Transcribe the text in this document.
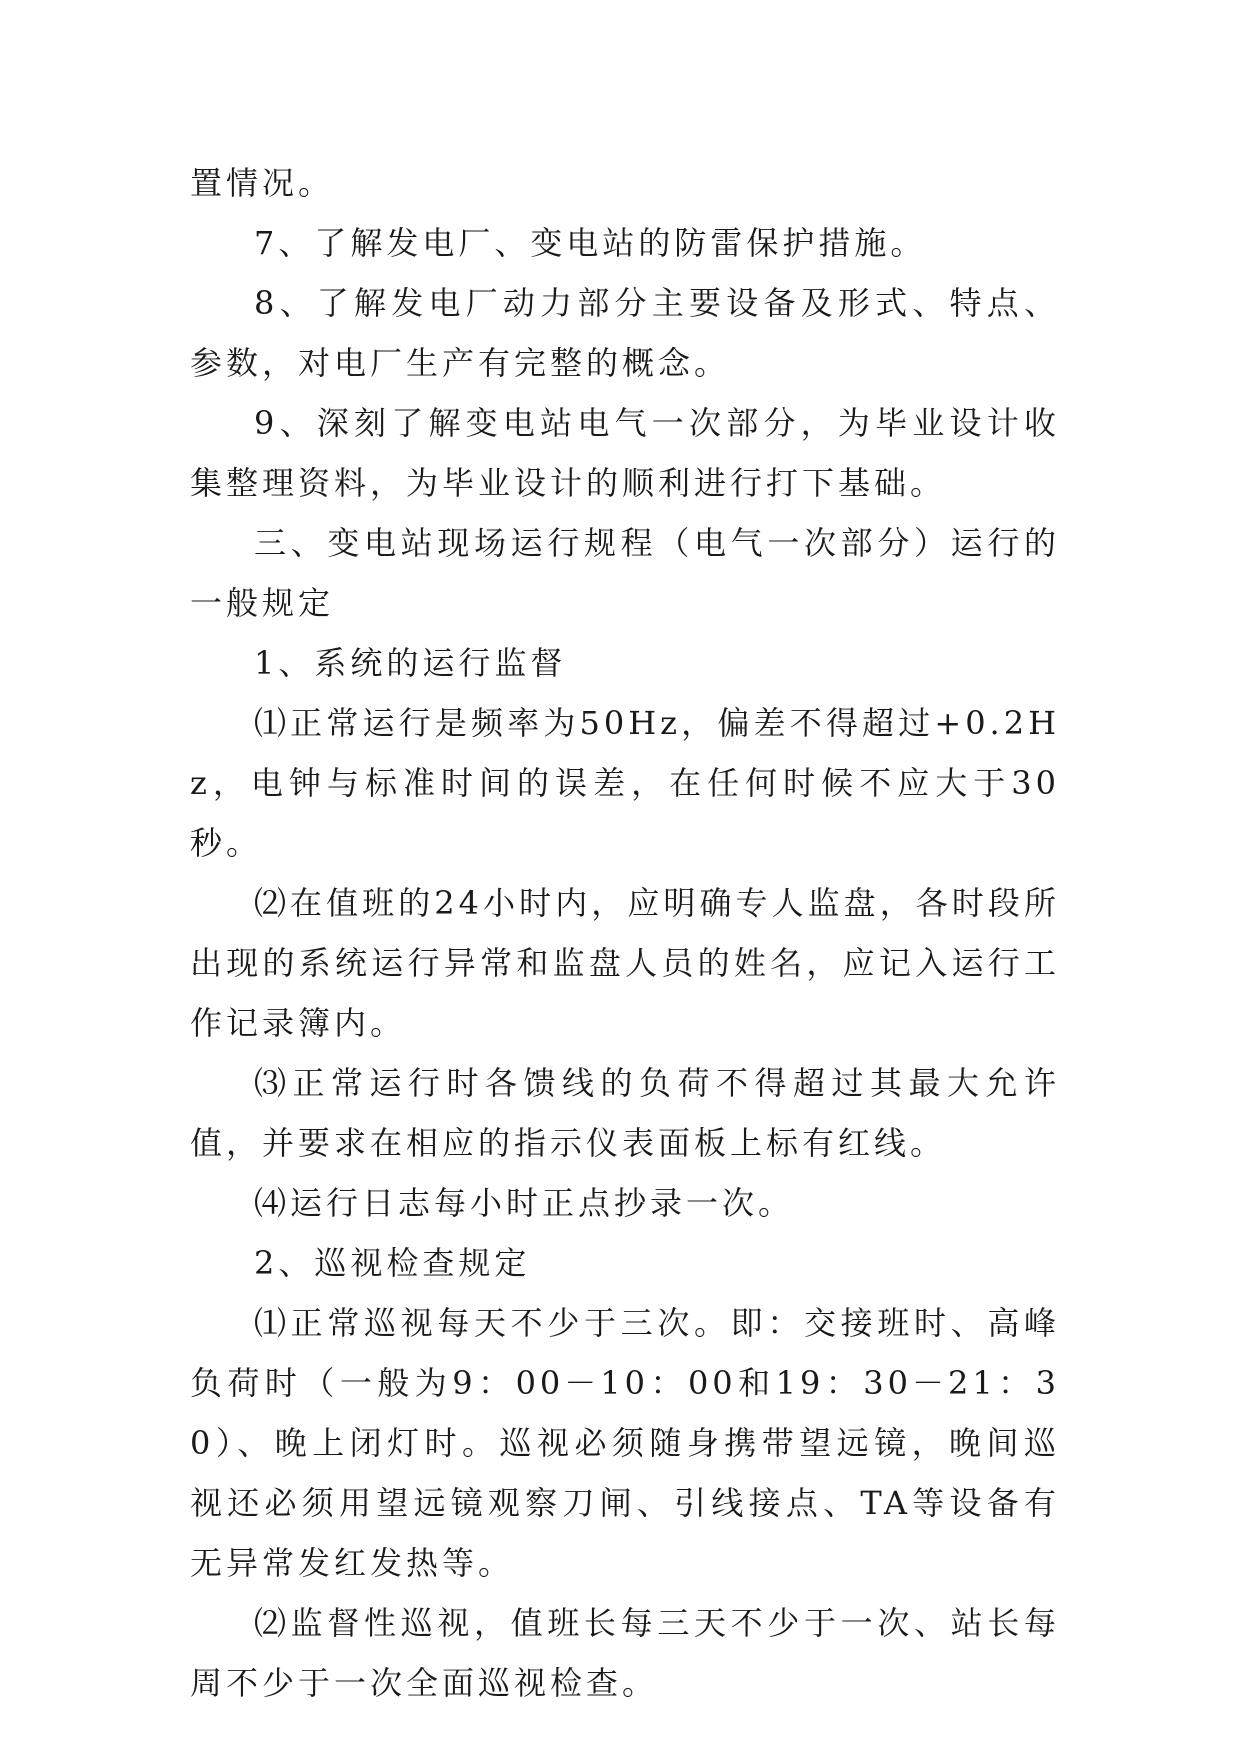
置情况。

7、了解发电厂、变电站的防雷保护措施。

8、了解发电厂动力部分主要设备及形式、特点、参数，对电厂生产有完整的概念。

9、深刻了解变电站电气一次部分，为毕业设计收集整理资料，为毕业设计的顺利进行打下基础。

三、变电站现场运行规程（电气一次部分）运行的一般规定

1、系统的运行监督

⑴正常运行是频率为50Hz，偏差不得超过+0.2Hz，电钟与标准时间的误差，在任何时候不应大于30秒。

⑵在值班的24小时内，应明确专人监盘，各时段所出现的系统运行异常和监盘人员的姓名，应记入运行工作记录簿内。

⑶正常运行时各馈线的负荷不得超过其最大允许值，并要求在相应的指示仪表面板上标有红线。

⑷运行日志每小时正点抄录一次。

2、巡视检查规定

⑴正常巡视每天不少于三次。即：交接班时、高峰负荷时（一般为9：00－10：00和19：30－21：30）、晚上闭灯时。巡视必须随身携带望远镜，晚间巡视还必须用望远镜观察刀闸、引线接点、TA等设备有无异常发红发热等。

⑵监督性巡视，值班长每三天不少于一次、站长每周不少于一次全面巡视检查。
